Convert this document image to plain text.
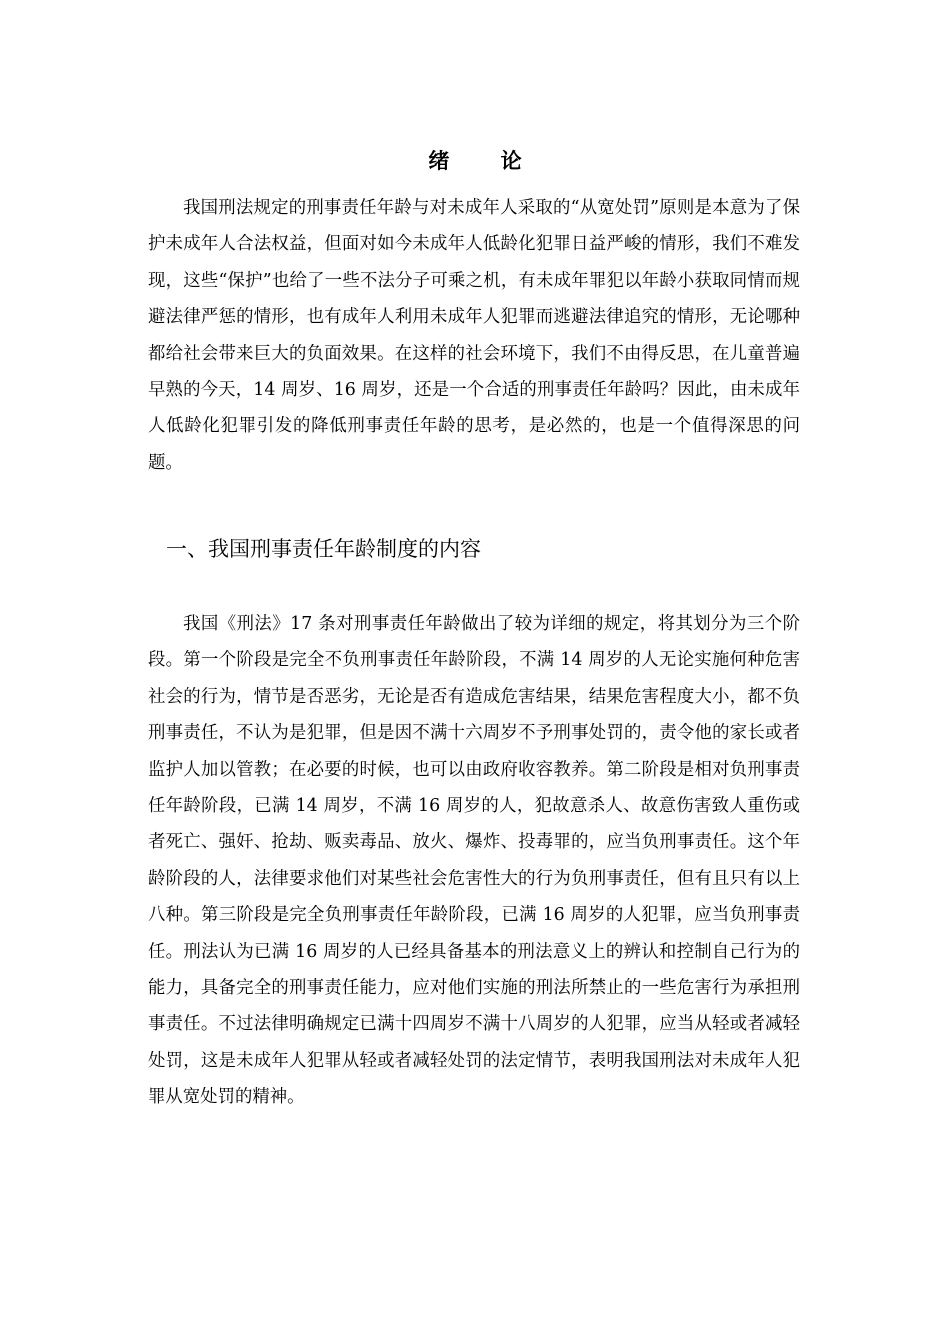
绪 论

我国刑法规定的刑事责任年龄与对未成年人采取的“从宽处罚”原则是本意为了保护未成年人合法权益，但面对如今未成年人低龄化犯罪日益严峻的情形，我们不难发现，这些“保护”也给了一些不法分子可乘之机，有未成年罪犯以年龄小获取同情而规避法律严惩的情形，也有成年人利用未成年人犯罪而逃避法律追究的情形，无论哪种都给社会带来巨大的负面效果。在这样的社会环境下，我们不由得反思，在儿童普遍早熟的今天，14 周岁、16 周岁，还是一个合适的刑事责任年龄吗？因此，由未成年人低龄化犯罪引发的降低刑事责任年龄的思考，是必然的，也是一个值得深思的问题。

一、我国刑事责任年龄制度的内容

我国《刑法》17 条对刑事责任年龄做出了较为详细的规定，将其划分为三个阶段。第一个阶段是完全不负刑事责任年龄阶段，不满 14 周岁的人无论实施何种危害社会的行为，情节是否恶劣，无论是否有造成危害结果，结果危害程度大小，都不负刑事责任，不认为是犯罪，但是因不满十六周岁不予刑事处罚的，责令他的家长或者监护人加以管教；在必要的时候，也可以由政府收容教养。第二阶段是相对负刑事责任年龄阶段，已满 14 周岁，不满 16 周岁的人，犯故意杀人、故意伤害致人重伤或者死亡、强奸、抢劫、贩卖毒品、放火、爆炸、投毒罪的，应当负刑事责任。这个年龄阶段的人，法律要求他们对某些社会危害性大的行为负刑事责任，但有且只有以上八种。第三阶段是完全负刑事责任年龄阶段，已满 16 周岁的人犯罪，应当负刑事责任。刑法认为已满 16 周岁的人已经具备基本的刑法意义上的辨认和控制自己行为的能力，具备完全的刑事责任能力，应对他们实施的刑法所禁止的一些危害行为承担刑事责任。不过法律明确规定已满十四周岁不满十八周岁的人犯罪，应当从轻或者减轻处罚，这是未成年人犯罪从轻或者减轻处罚的法定情节，表明我国刑法对未成年人犯罪从宽处罚的精神。
